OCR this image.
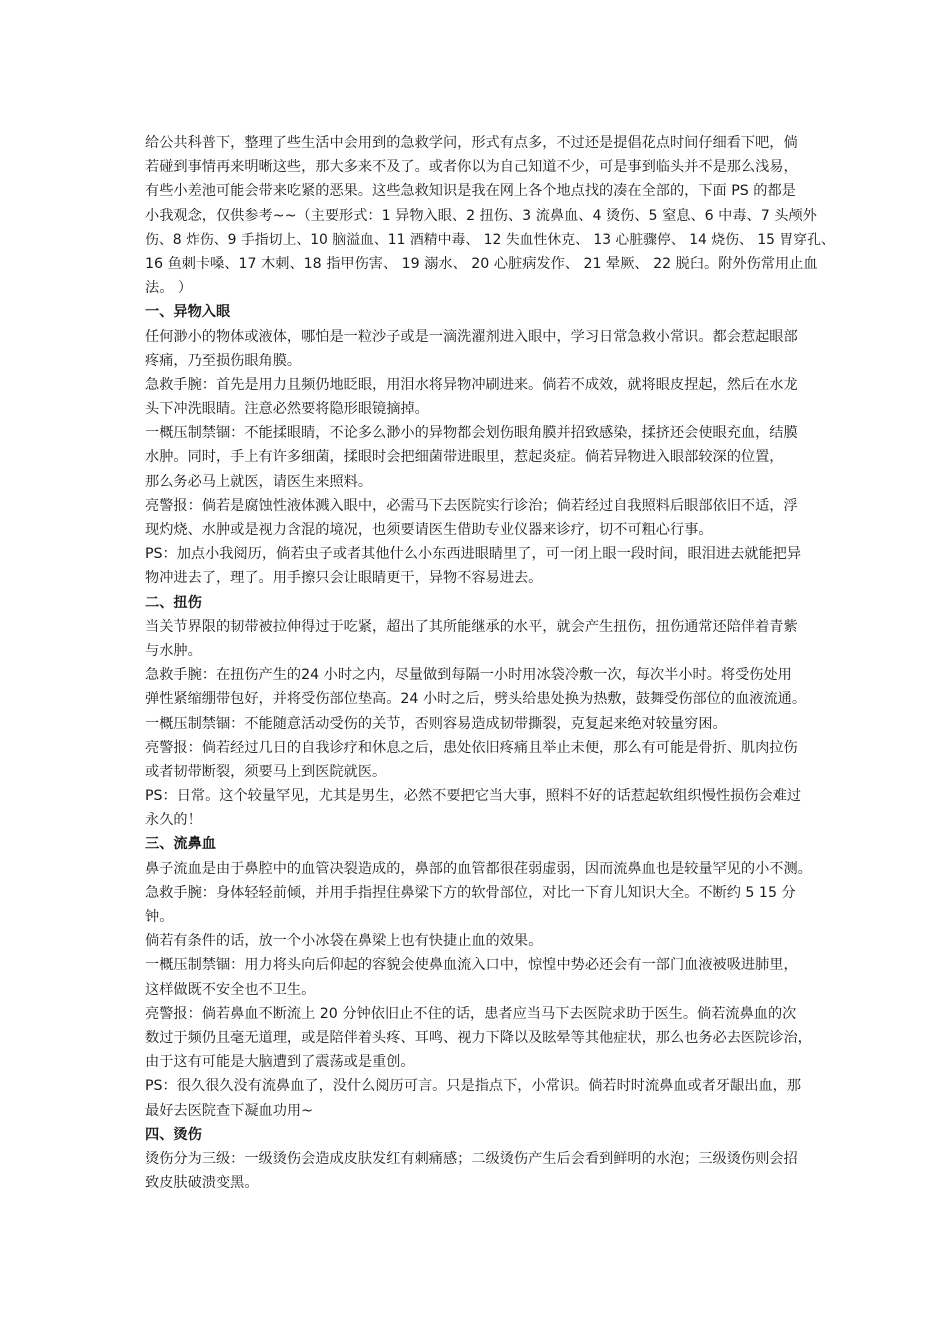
给公共科普下，整理了些生活中会用到的急救学问，形式有点多，不过还是提倡花点时间仔细看下吧，倘
若碰到事情再来明晰这些，那大多来不及了。或者你以为自己知道不少，可是事到临头并不是那么浅易，
有些小差池可能会带来吃紧的恶果。这些急救知识是我在网上各个地点找的凑在全部的，下面 PS 的都是
小我观念，仅供参考~~（主要形式：1 异物入眼、2 扭伤、3 流鼻血、4 烫伤、5 窒息、6 中毒、7 头颅外
伤、8 炸伤、9 手指切上、10 脑溢血、11 酒精中毒、 12 失血性休克、 13 心脏骤停、 14 烧伤、 15 胃穿孔、
16 鱼刺卡嗓、17 木刺、18 指甲伤害、 19 溺水、 20 心脏病发作、 21 晕厥、 22 脱臼。附外伤常用止血
法。 ）
一、异物入眼
任何渺小的物体或液体，哪怕是一粒沙子或是一滴洗濯剂进入眼中，学习日常急救小常识。都会惹起眼部
疼痛，乃至损伤眼角膜。
急救手腕：首先是用力且频仍地眨眼，用泪水将异物冲刷进来。倘若不成效，就将眼皮捏起，然后在水龙
头下冲洗眼睛。注意必然要将隐形眼镜摘掉。
一概压制禁锢：不能揉眼睛，不论多么渺小的异物都会划伤眼角膜并招致感染，揉挤还会使眼充血，结膜
水肿。同时，手上有许多细菌，揉眼时会把细菌带进眼里，惹起炎症。倘若异物进入眼部较深的位置，
那么务必马上就医，请医生来照料。
亮警报：倘若是腐蚀性液体溅入眼中，必需马下去医院实行诊治；倘若经过自我照料后眼部依旧不适，浮
现灼烧、水肿或是视力含混的境况，也须要请医生借助专业仪器来诊疗，切不可粗心行事。
PS：加点小我阅历，倘若虫子或者其他什么小东西进眼睛里了，可一闭上眼一段时间，眼泪进去就能把异
物冲进去了，理了。用手擦只会让眼睛更干，异物不容易进去。
二、扭伤
当关节界限的韧带被拉伸得过于吃紧，超出了其所能继承的水平，就会产生扭伤，扭伤通常还陪伴着青紫
与水肿。
急救手腕：在扭伤产生的24 小时之内，尽量做到每隔一小时用冰袋冷敷一次，每次半小时。将受伤处用
弹性紧缩绷带包好，并将受伤部位垫高。24 小时之后，劈头给患处换为热敷，鼓舞受伤部位的血液流通。
一概压制禁锢：不能随意活动受伤的关节，否则容易造成韧带撕裂，克复起来绝对较量穷困。
亮警报：倘若经过几日的自我诊疗和休息之后，患处依旧疼痛且举止未便，那么有可能是骨折、肌肉拉伤
或者韧带断裂，须要马上到医院就医。
PS：日常。这个较量罕见，尤其是男生，必然不要把它当大事，照料不好的话惹起软组织慢性损伤会难过
永久的！
三、流鼻血
鼻子流血是由于鼻腔中的血管决裂造成的，鼻部的血管都很荏弱虚弱，因而流鼻血也是较量罕见的小不测。
急救手腕：身体轻轻前倾，并用手指捏住鼻梁下方的软骨部位，对比一下育儿知识大全。不断约 5 15 分
钟。
倘若有条件的话，放一个小冰袋在鼻梁上也有快捷止血的效果。
一概压制禁锢：用力将头向后仰起的容貌会使鼻血流入口中，惊惶中势必还会有一部门血液被吸进肺里，
这样做既不安全也不卫生。
亮警报：倘若鼻血不断流上 20 分钟依旧止不住的话，患者应当马下去医院求助于医生。倘若流鼻血的次
数过于频仍且毫无道理，或是陪伴着头疼、耳鸣、视力下降以及眩晕等其他症状，那么也务必去医院诊治，
由于这有可能是大脑遭到了震荡或是重创。
PS：很久很久没有流鼻血了，没什么阅历可言。只是指点下，小常识。倘若时时流鼻血或者牙龈出血，那
最好去医院查下凝血功用~
四、烫伤
烫伤分为三级：一级烫伤会造成皮肤发红有刺痛感；二级烫伤产生后会看到鲜明的水泡；三级烫伤则会招
致皮肤破溃变黑。
